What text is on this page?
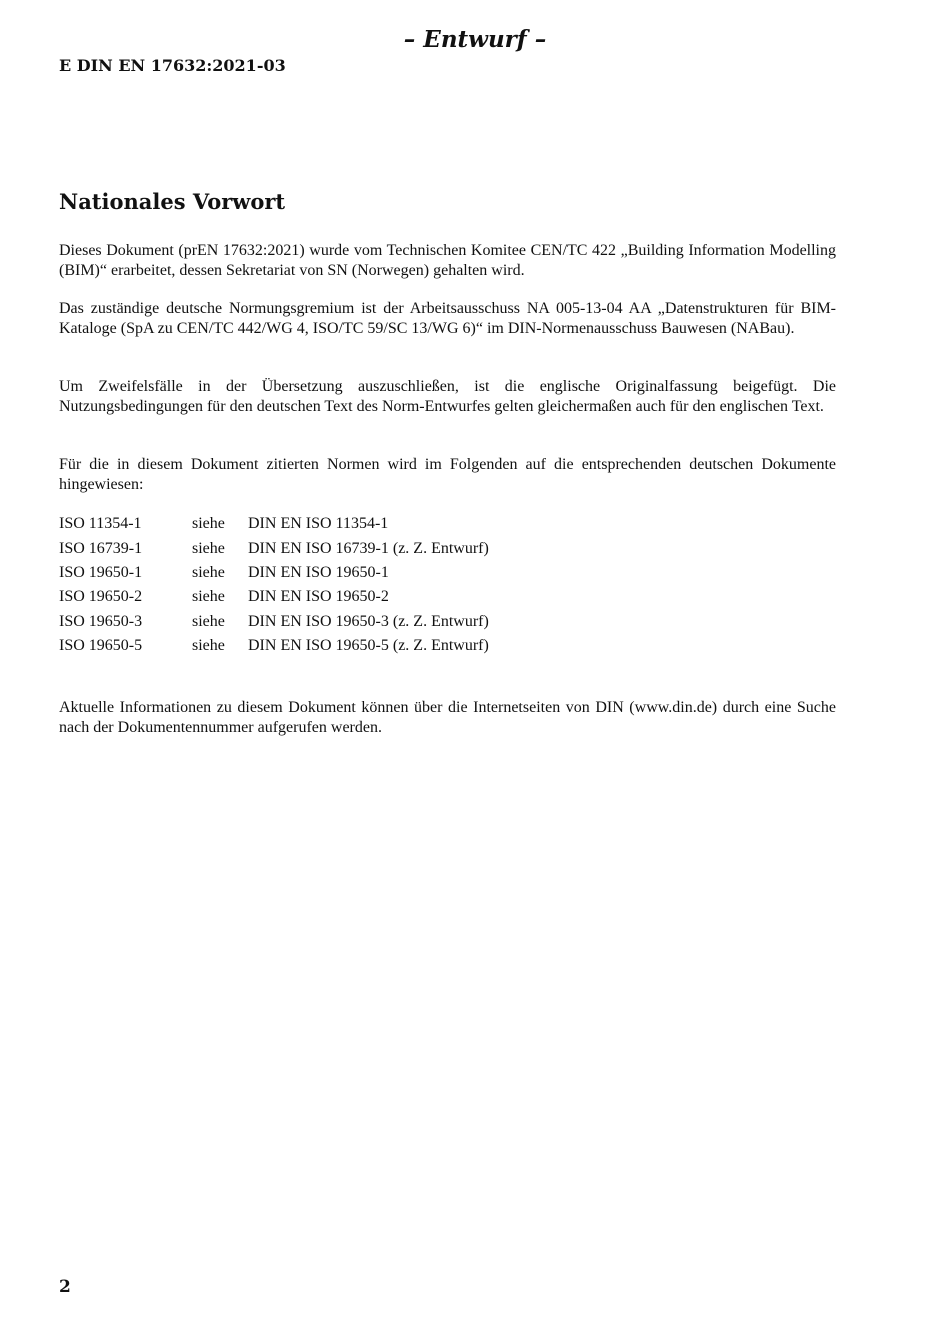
– Entwurf –
E DIN EN 17632:2021-03
Nationales Vorwort

Dieses Dokument (prEN 17632:2021) wurde vom Technischen Komitee CEN/TC 422 „Building Information Modelling (BIM)“ erarbeitet, dessen Sekretariat von SN (Norwegen) gehalten wird.

Das zuständige deutsche Normungsgremium ist der Arbeitsausschuss NA 005-13-04 AA „Datenstrukturen für BIM-Kataloge (SpA zu CEN/TC 442/WG 4, ISO/TC 59/SC 13/WG 6)“ im DIN-Normenausschuss Bauwesen (NABau).

Um Zweifelsfälle in der Übersetzung auszuschließen, ist die englische Originalfassung beigefügt. Die Nutzungsbedingungen für den deutschen Text des Norm-Entwurfes gelten gleichermaßen auch für den englischen Text.

Für die in diesem Dokument zitierten Normen wird im Folgenden auf die entsprechenden deutschen Dokumente hingewiesen:

ISO 11354-1	siehe	DIN EN ISO 11354-1
ISO 16739-1	siehe	DIN EN ISO 16739-1 (z. Z. Entwurf)
ISO 19650-1	siehe	DIN EN ISO 19650-1
ISO 19650-2	siehe	DIN EN ISO 19650-2
ISO 19650-3	siehe	DIN EN ISO 19650-3 (z. Z. Entwurf)
ISO 19650-5	siehe	DIN EN ISO 19650-5 (z. Z. Entwurf)

Aktuelle Informationen zu diesem Dokument können über die Internetseiten von DIN (www.din.de) durch eine Suche nach der Dokumentennummer aufgerufen werden.

2
